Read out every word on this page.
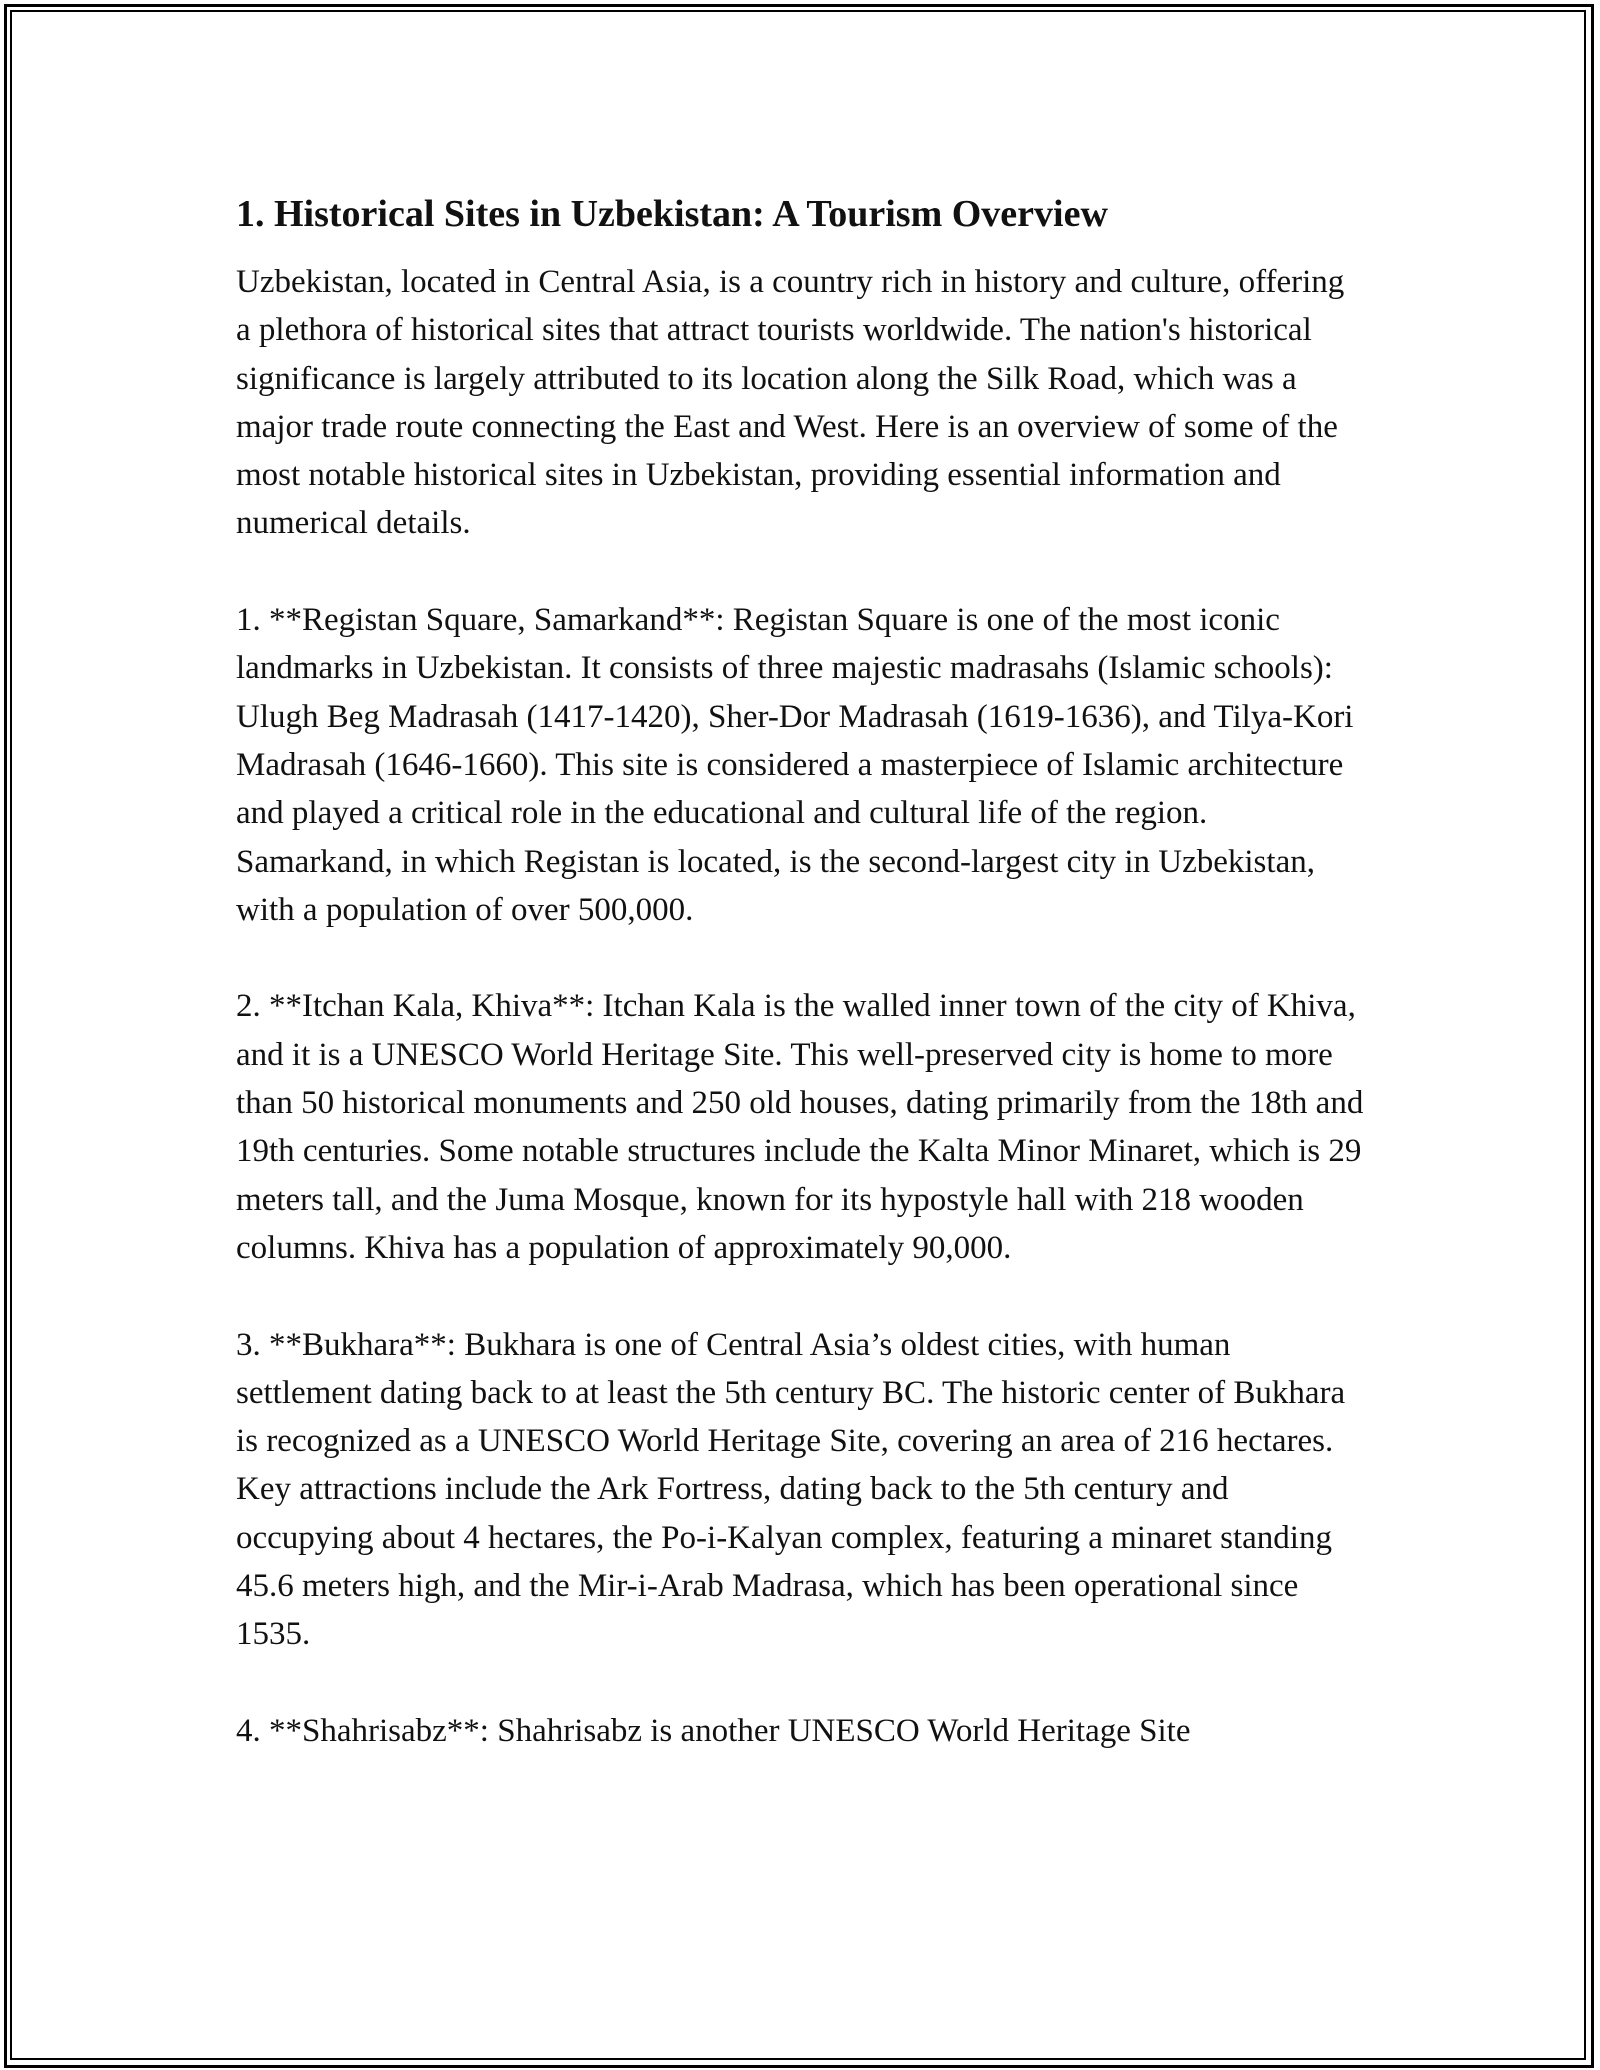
1. Historical Sites in Uzbekistan: A Tourism Overview

Uzbekistan, located in Central Asia, is a country rich in history and culture, offering a plethora of historical sites that attract tourists worldwide. The nation's historical significance is largely attributed to its location along the Silk Road, which was a major trade route connecting the East and West. Here is an overview of some of the most notable historical sites in Uzbekistan, providing essential information and numerical details.

1. **Registan Square, Samarkand**: Registan Square is one of the most iconic landmarks in Uzbekistan. It consists of three majestic madrasahs (Islamic schools): Ulugh Beg Madrasah (1417-1420), Sher-Dor Madrasah (1619-1636), and Tilya-Kori Madrasah (1646-1660). This site is considered a masterpiece of Islamic architecture and played a critical role in the educational and cultural life of the region. Samarkand, in which Registan is located, is the second-largest city in Uzbekistan, with a population of over 500,000.

2. **Itchan Kala, Khiva**: Itchan Kala is the walled inner town of the city of Khiva, and it is a UNESCO World Heritage Site. This well-preserved city is home to more than 50 historical monuments and 250 old houses, dating primarily from the 18th and 19th centuries. Some notable structures include the Kalta Minor Minaret, which is 29 meters tall, and the Juma Mosque, known for its hypostyle hall with 218 wooden columns. Khiva has a population of approximately 90,000.

3. **Bukhara**: Bukhara is one of Central Asia’s oldest cities, with human settlement dating back to at least the 5th century BC. The historic center of Bukhara is recognized as a UNESCO World Heritage Site, covering an area of 216 hectares. Key attractions include the Ark Fortress, dating back to the 5th century and occupying about 4 hectares, the Po-i-Kalyan complex, featuring a minaret standing 45.6 meters high, and the Mir-i-Arab Madrasa, which has been operational since 1535.

4. **Shahrisabz**: Shahrisabz is another UNESCO World Heritage Site
